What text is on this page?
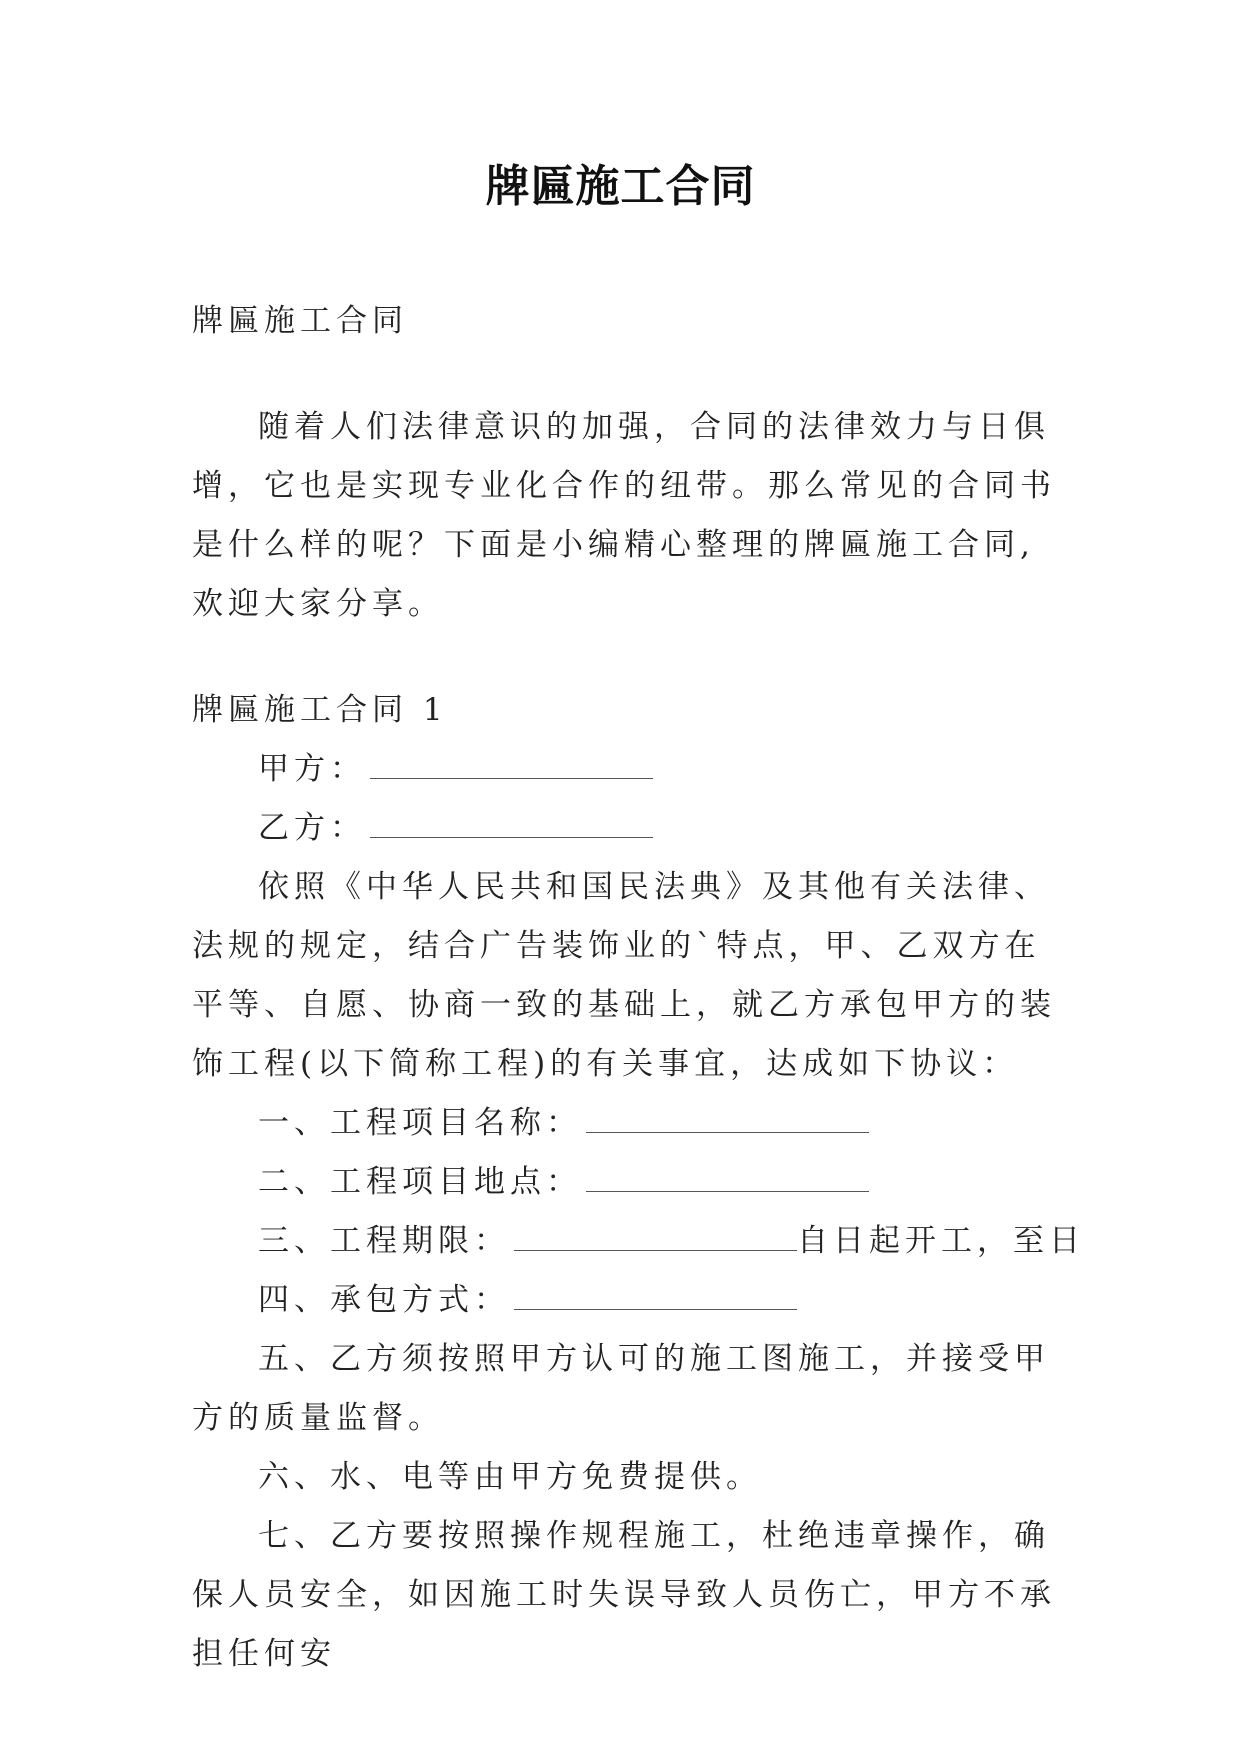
牌匾施工合同

牌匾施工合同

随着人们法律意识的加强，合同的法律效力与日俱增，它也是实现专业化合作的纽带。那么常见的合同书是什么样的呢？下面是小编精心整理的牌匾施工合同,欢迎大家分享。

牌匾施工合同 1

甲方：

乙方：

依照《中华人民共和国民法典》及其他有关法律、法规的规定，结合广告装饰业的`特点，甲、乙双方在平等、自愿、协商一致的基础上，就乙方承包甲方的装饰工程(以下简称工程)的有关事宜，达成如下协议：

一、工程项目名称：

二、工程项目地点：

三、工程期限：	自日起开工，至日

四、承包方式：

五、乙方须按照甲方认可的施工图施工，并接受甲方的质量监督。

六、水、电等由甲方免费提供。

七、乙方要按照操作规程施工，杜绝违章操作，确保人员安全，如因施工时失误导致人员伤亡，甲方不承担任何安
